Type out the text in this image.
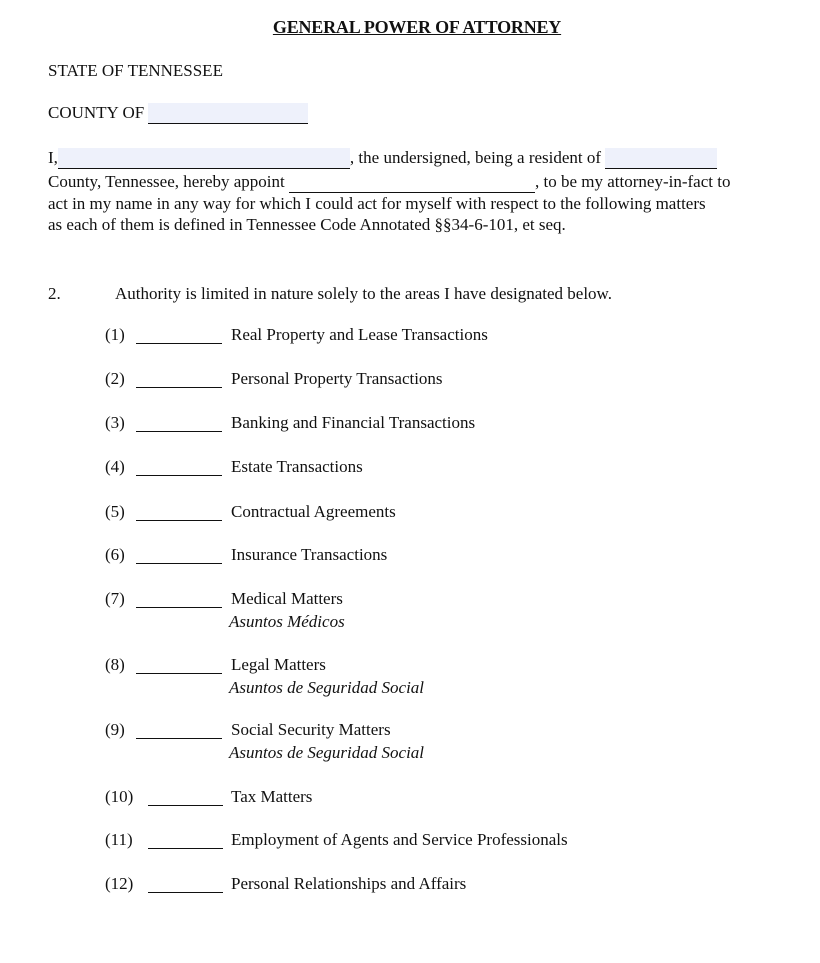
GENERAL POWER OF ATTORNEY
STATE OF TENNESSEE
COUNTY OF
I,	, the undersigned, being a resident of
County, Tennessee, hereby appoint	, to be my attorney-in-fact to
act in my name in any way for which I could act for myself with respect to the following matters
as each of them is defined in Tennessee Code Annotated §§34-6-101, et seq.
2.	Authority is limited in nature solely to the areas I have designated below.
(1)	Real Property and Lease Transactions
(2)	Personal Property Transactions
(3)	Banking and Financial Transactions
(4)	Estate Transactions
(5)	Contractual Agreements
(6)	Insurance Transactions
(7)	Medical Matters
Asuntos Médicos
(8)	Legal Matters
Asuntos de Seguridad Social
(9)	Social Security Matters
Asuntos de Seguridad Social
(10)	Tax Matters
(11)	Employment of Agents and Service Professionals
(12)	Personal Relationships and Affairs
